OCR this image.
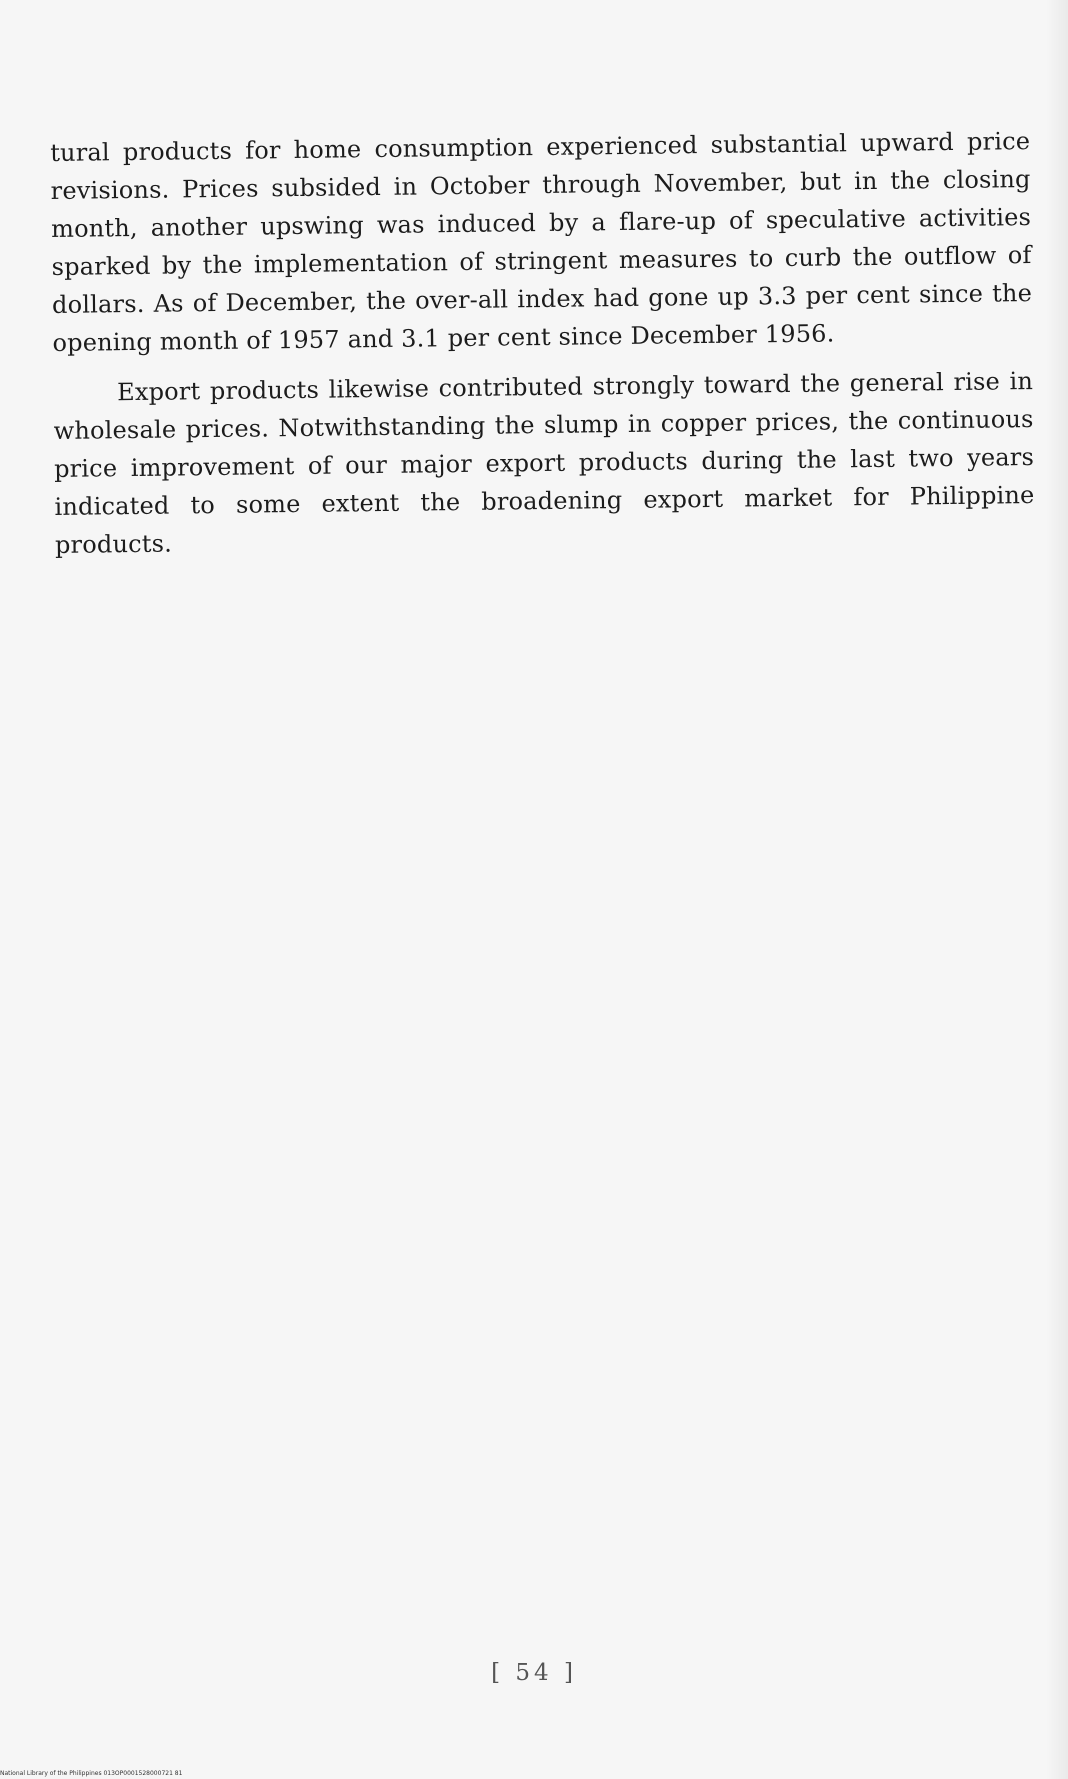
tural products for home consumption experienced substantial upward price revisions. Prices subsided in October through November, but in the closing month, another upswing was induced by a flare-up of speculative activities sparked by the implementation of stringent measures to curb the outflow of dollars. As of December, the over-all index had gone up 3.3 per cent since the opening month of 1957 and 3.1 per cent since December 1956.

Export products likewise contributed strongly toward the general rise in wholesale prices. Notwithstanding the slump in copper prices, the continuous price improvement of our major export products during the last two years indicated to some extent the broadening export market for Philippine products.

[ 54 ]
National Library of the Philippines 013OP0001528000721 81
